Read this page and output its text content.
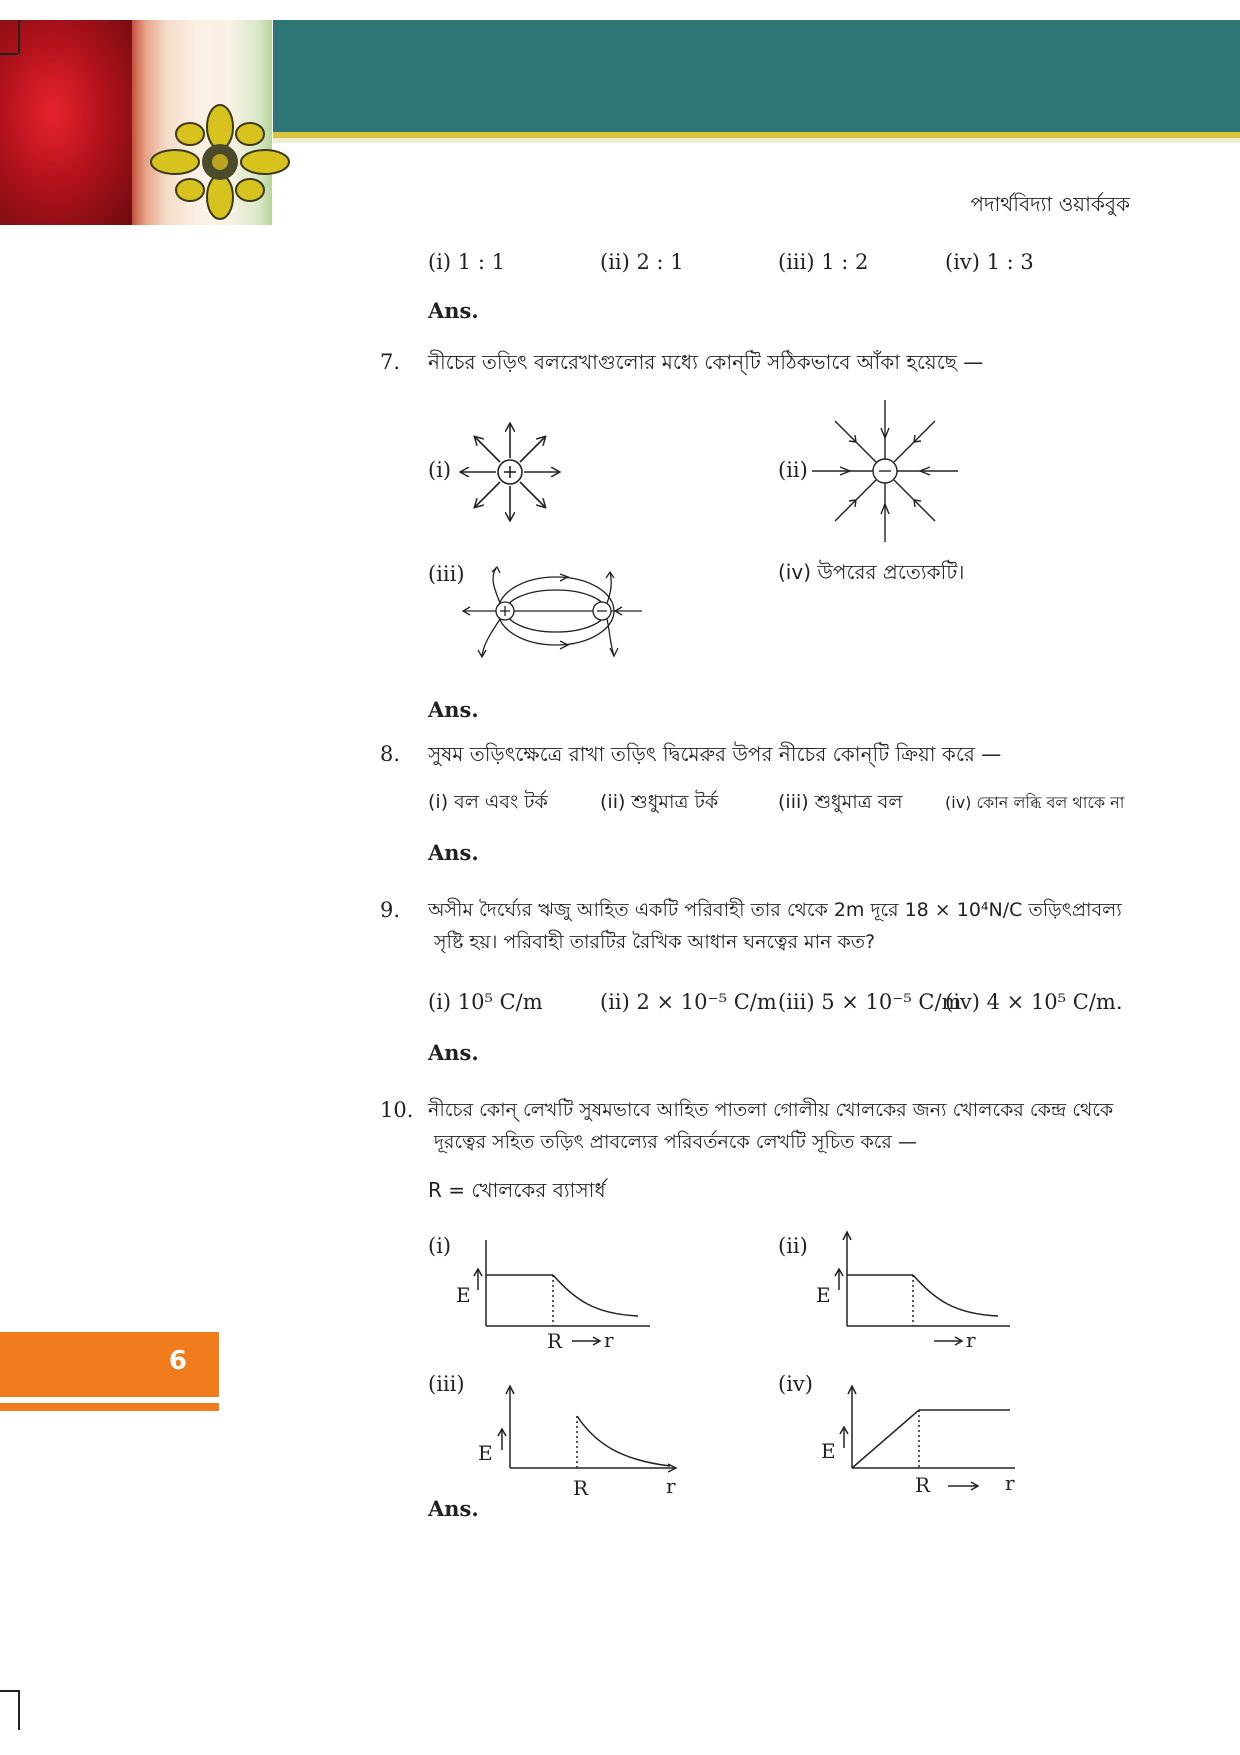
পদার্থবিদ্যা ওয়ার্কবুক
6
(i) 1 : 1	(ii) 2 : 1	(iii) 1 : 2	(iv) 1 : 3
Ans.
7. নীচের তড়িৎ বলরেখাগুলোর মধ্যে কোন্‌টি সঠিকভাবে আঁকা হয়েছে —
(i)	(ii)
(iii)	(iv) উপরের প্রত্যেকটি।
Ans.
8. সুষম তড়িৎক্ষেত্রে রাখা তড়িৎ দ্বিমেরুর উপর নীচের কোন্‌টি ক্রিয়া করে —
(i) বল এবং টর্ক	(ii) শুধুমাত্র টর্ক	(iii) শুধুমাত্র বল	(iv) কোন লব্ধি বল থাকে না
Ans.
9. অসীম দৈর্ঘ্যের ঋজু আহিত একটি পরিবাহী তার থেকে 2m দূরে 18 × 10⁴N/C তড়িৎপ্রাবল্য
সৃষ্টি হয়। পরিবাহী তারটির রৈখিক আধান ঘনত্বের মান কত?
(i) 10⁵ C/m	(ii) 2 × 10⁻⁵ C/m (iii) 5 × 10⁻⁵ C/m
(iv) 4 × 10⁵ C/m.
Ans.
10. নীচের কোন্‌ লেখটি সুষমভাবে আহিত পাতলা গোলীয় খোলকের জন্য খোলকের কেন্দ্র থেকে
দূরত্বের সহিত তড়িৎ প্রাবল্যের পরিবর্তনকে লেখটি সূচিত করে —
R = খোলকের ব্যাসার্ধ
(i)
E
R r
(ii)
E
r
(iii)
E
R	r
(iv)
E
R	r
Ans.
